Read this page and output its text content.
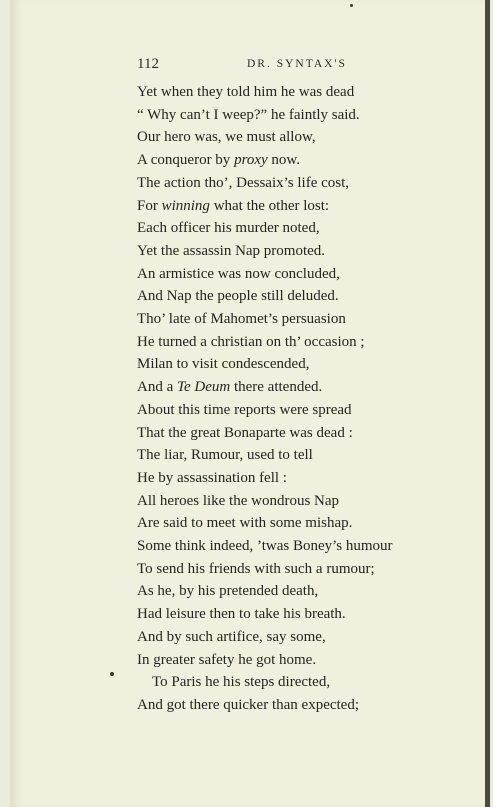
112	DR. SYNTAX'S
Yet when they told him he was dead
“ Why can’t I weep?” he faintly said.
Our hero was, we must allow,
A conqueror by proxy now.
The action tho’, Dessaix’s life cost,
For winning what the other lost:
Each officer his murder noted,
Yet the assassin Nap promoted.
An armistice was now concluded,
And Nap the people still deluded.
Tho’ late of Mahomet’s persuasion
He turned a christian on th’ occasion ;
Milan to visit condescended,
And a Te Deum there attended.
About this time reports were spread
That the great Bonaparte was dead :
The liar, Rumour, used to tell
He by assassination fell :
All heroes like the wondrous Nap
Are said to meet with some mishap.
Some think indeed, ’twas Boney’s humour
To send his friends with such a rumour;
As he, by his pretended death,
Had leisure then to take his breath.
And by such artifice, say some,
In greater safety he got home.
To Paris he his steps directed,
And got there quicker than expected;
